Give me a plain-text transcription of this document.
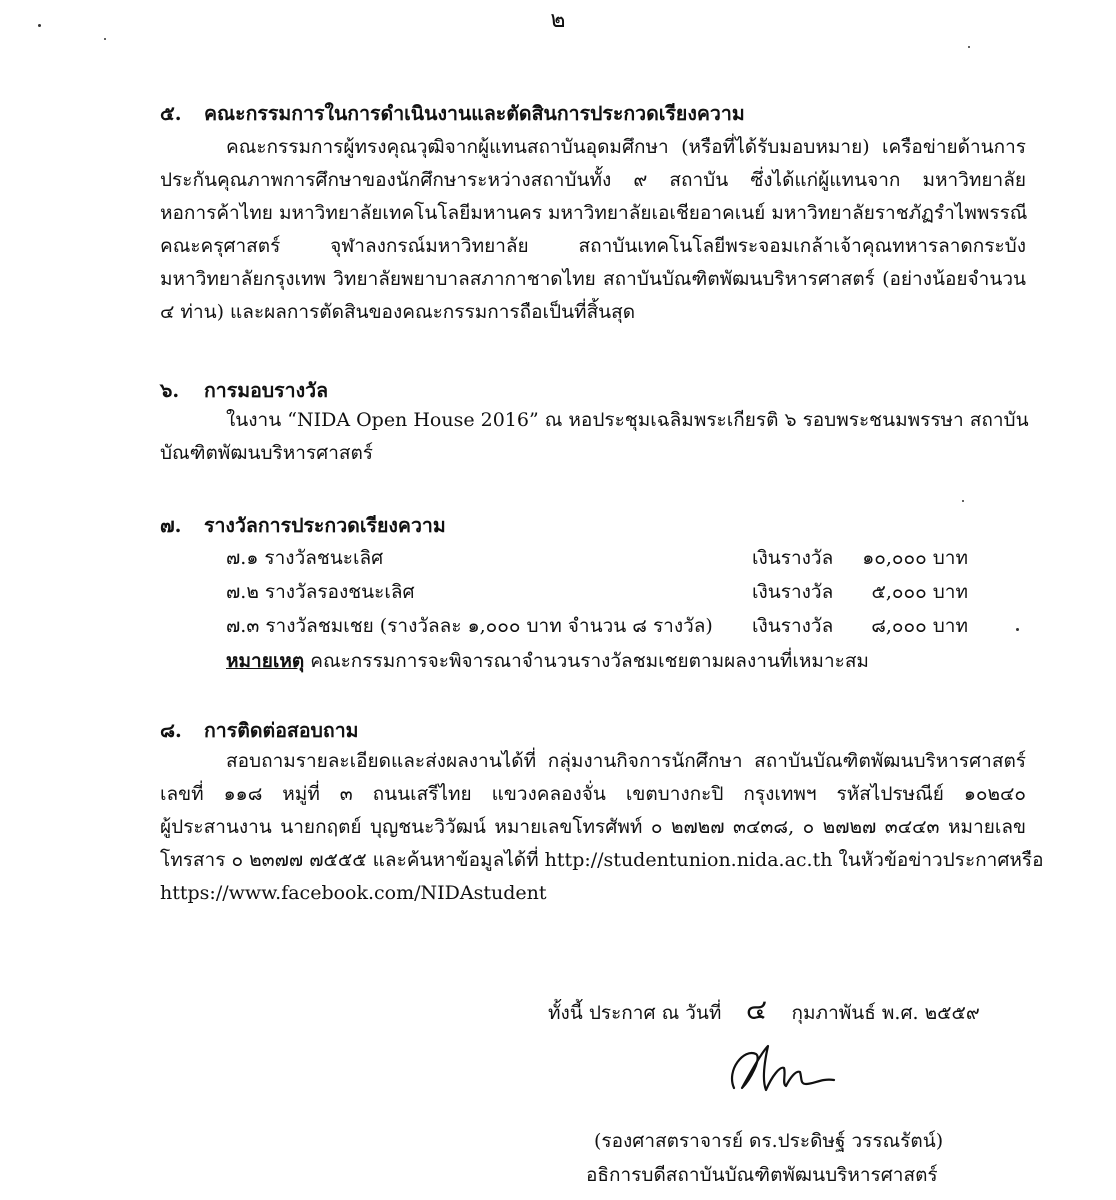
๒
๕. คณะกรรมการในการดำเนินงานและตัดสินการประกวดเรียงความ
คณะกรรมการผู้ทรงคุณวุฒิจากผู้แทนสถาบันอุดมศึกษา (หรือที่ได้รับมอบหมาย) เครือข่ายด้านการ
ประกันคุณภาพการศึกษาของนักศึกษาระหว่างสถาบันทั้ง ๙ สถาบัน ซึ่งได้แก่ผู้แทนจาก มหาวิทยาลัย
หอการค้าไทย มหาวิทยาลัยเทคโนโลยีมหานคร มหาวิทยาลัยเอเชียอาคเนย์ มหาวิทยาลัยราชภัฏรำไพพรรณี
คณะครุศาสตร์ จุฬาลงกรณ์มหาวิทยาลัย สถาบันเทคโนโลยีพระจอมเกล้าเจ้าคุณทหารลาดกระบัง
มหาวิทยาลัยกรุงเทพ วิทยาลัยพยาบาลสภากาชาดไทย สถาบันบัณฑิตพัฒนบริหารศาสตร์ (อย่างน้อยจำนวน
๔ ท่าน) และผลการตัดสินของคณะกรรมการถือเป็นที่สิ้นสุด
๖. การมอบรางวัล
ในงาน “NIDA Open House 2016” ณ หอประชุมเฉลิมพระเกียรติ ๖ รอบพระชนมพรรษา สถาบัน
บัณฑิตพัฒนบริหารศาสตร์
๗. รางวัลการประกวดเรียงความ
๗.๑ รางวัลชนะเลิศ	เงินรางวัล	๑๐,๐๐๐ บาท
๗.๒ รางวัลรองชนะเลิศ	เงินรางวัล	๕,๐๐๐ บาท
๗.๓ รางวัลชมเชย (รางวัลละ ๑,๐๐๐ บาท จำนวน ๘ รางวัล) เงินรางวัล	๘,๐๐๐ บาท
หมายเหตุ คณะกรรมการจะพิจารณาจำนวนรางวัลชมเชยตามผลงานที่เหมาะสม
๘. การติดต่อสอบถาม
สอบถามรายละเอียดและส่งผลงานได้ที่ กลุ่มงานกิจการนักศึกษา สถาบันบัณฑิตพัฒนบริหารศาสตร์
เลขที่ ๑๑๘ หมู่ที่ ๓ ถนนเสรีไทย แขวงคลองจั่น เขตบางกะปิ กรุงเทพฯ รหัสไปรษณีย์ ๑๐๒๔๐
ผู้ประสานงาน นายกฤตย์ บุญชนะวิวัฒน์ หมายเลขโทรศัพท์ ๐ ๒๗๒๗ ๓๔๓๘, ๐ ๒๗๒๗ ๓๔๔๓ หมายเลข
โทรสาร ๐ ๒๓๗๗ ๗๕๕๕ และค้นหาข้อมูลได้ที่ http://studentunion.nida.ac.th ในหัวข้อข่าวประกาศหรือ
https://www.facebook.com/NIDAstudent
ทั้งนี้ ประกาศ ณ วันที่ ๔ กุมภาพันธ์ พ.ศ. ๒๕๕๙
(รองศาสตราจารย์ ดร.ประดิษฐ์ วรรณรัตน์)
อธิการบดีสถาบันบัณฑิตพัฒนบริหารศาสตร์
